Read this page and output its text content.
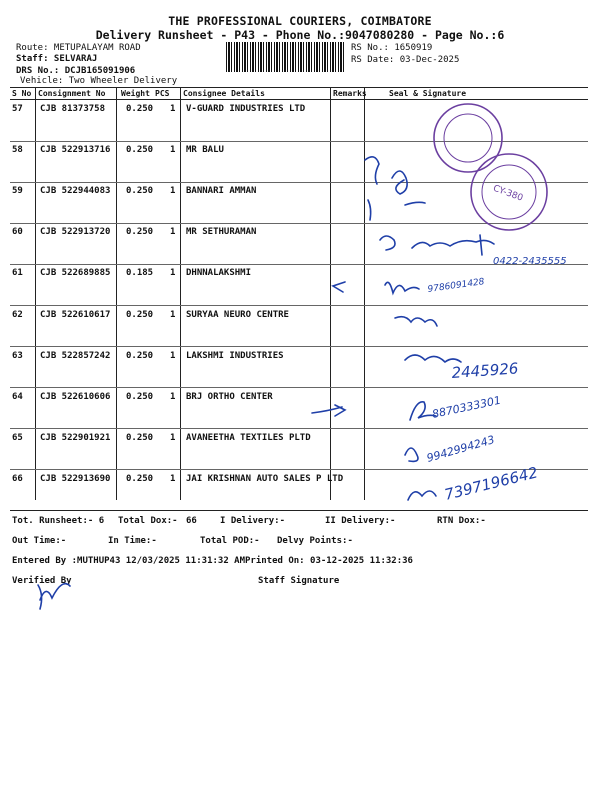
THE PROFESSIONAL COURIERS, COIMBATORE
Delivery Runsheet - P43 - Phone No.:9047080280 - Page No.:6
Route: METUPALAYAM ROAD
Staff: SELVARAJ
DRS No.: DCJB165091906
Vehicle: Two Wheeler Delivery
RS No.: 1650919
RS Date: 03-Dec-2025
S No Consignment No Weight PCS Consignee Details	Remarks	Seal & Signature
57 CJB 81373758 0.250 1 V-GUARD INDUSTRIES LTD
58 CJB 522913716 0.250 1 MR BALU
59 CJB 522944083 0.250 1 BANNARI AMMAN
60 CJB 522913720 0.250 1 MR SETHURAMAN
61 CJB 522689885 0.185 1 DHNNALAKSHMI
62 CJB 522610617 0.250 1 SURYAA NEURO CENTRE
63 CJB 522857242 0.250 1 LAKSHMI INDUSTRIES
64 CJB 522610606 0.250 1 BRJ ORTHO CENTER
65 CJB 522901921 0.250 1 AVANEETHA TEXTILES PLTD
66 CJB 522913690 0.250 1 JAI KRISHNAN AUTO SALES P LTD
Tot. Runsheet:- 6 Total Dox:- 66	I Delivery:-	II Delivery:-	RTN Dox:-
Out Time:-	In Time:-	Total POD:- Delvy Points:-
Entered By :MUTHUP43 12/03/2025 11:31:32 AM Printed On: 03-12-2025 11:32:36
Verified By	Staff Signature
CY-380
0422-2435555
9786091428
2445926
8870333301
9942994243
7397196642
